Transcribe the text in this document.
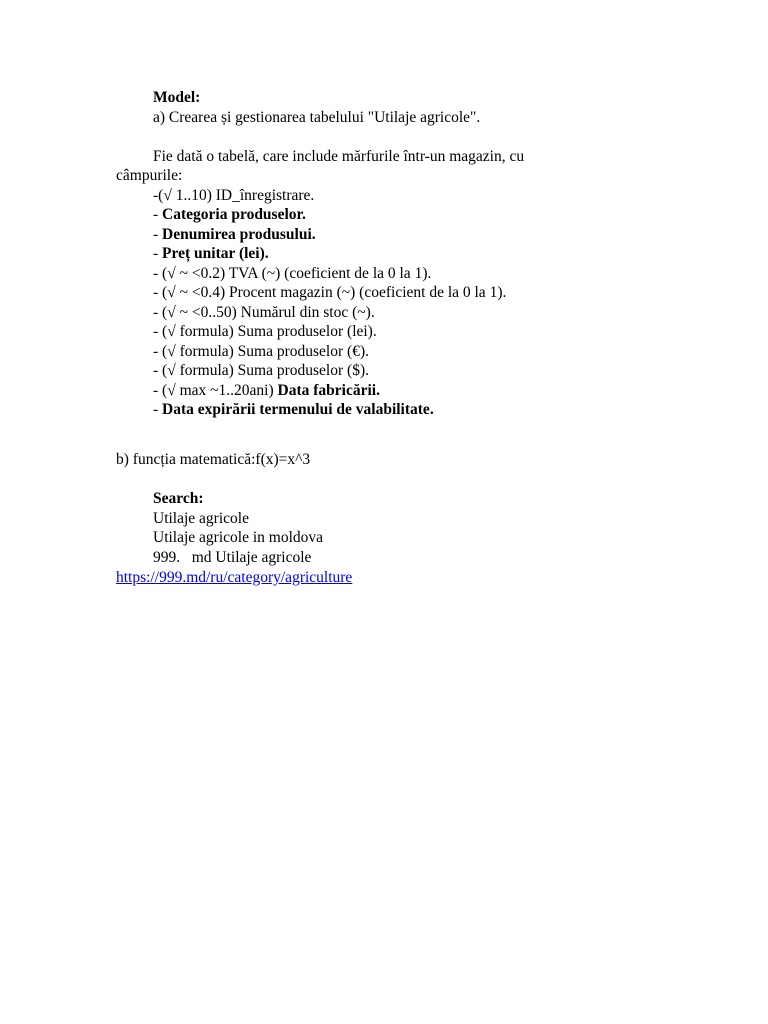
Model:
a) Crearea și gestionarea tabelului "Utilaje agricole".
Fie dată o tabelă, care include mărfurile într-un magazin, cu
câmpurile:
-(√ 1..10) ID_înregistrare.
- Categoria produselor.
- Denumirea produsului.
- Preț unitar (lei).
- (√ ~ <0.2) TVA (~) (coeficient de la 0 la 1).
- (√ ~ <0.4) Procent magazin (~) (coeficient de la 0 la 1).
- (√ ~ <0..50) Numărul din stoc (~).
- (√ formula) Suma produselor (lei).
- (√ formula) Suma produselor (€).
- (√ formula) Suma produselor ($).
- (√ max ~1..20ani) Data fabricării.
- Data expirării termenului de valabilitate.
b) funcția matematică:f(x)=x^3
Search:
Utilaje agricole
Utilaje agricole in moldova
999.   md Utilaje agricole
https://999.md/ru/category/agriculture
